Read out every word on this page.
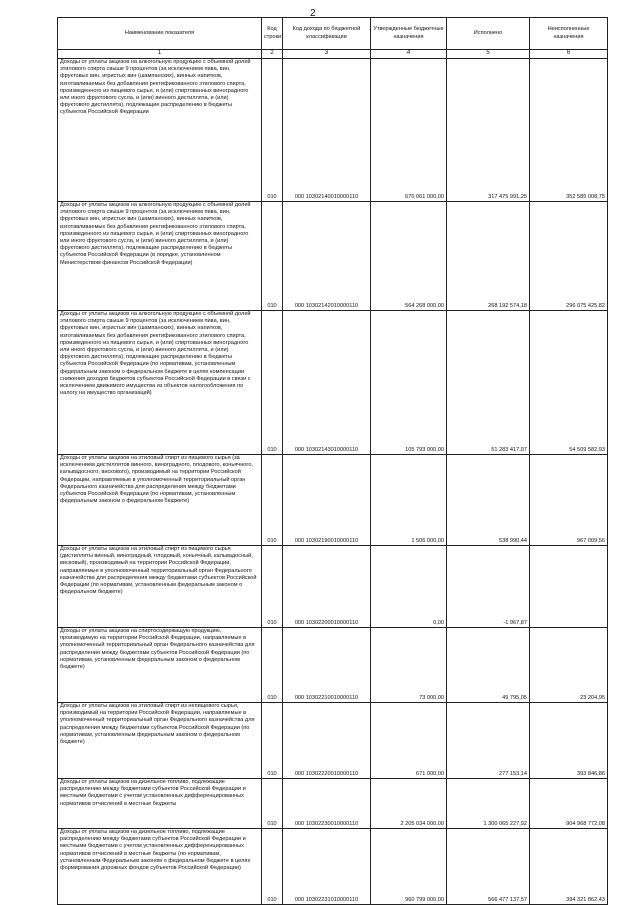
2
Наименование показателя	Код строки	Код дохода по бюджетной классификации	Утвержденные бюджетные назначения	Исполнено	Неисполненные назначения
1	2	3	4	5	6
Доходы от уплаты акцизов на алкогольную продукцию с объемной долей этилового спирта свыше 9 процентов (за исключением пива, вин, фруктовых вин, игристых вин (шампанских), винных напитков, изготавливаемых без добавления ректификованного этилового спирта, произведенного из пищевого сырья, и (или) спиртованных виноградного или иного фруктового сусла, и (или) винного дистиллята, и (или) фруктового дистиллята), подлежащие распределению в бюджеты субъектов Российской Федерации	010	000 10302140010000110	670 061 000,00	317 475 991,25	352 585 008,75
Доходы от уплаты акцизов на алкогольную продукцию с объемной долей этилового спирта свыше 9 процентов (за исключением пива, вин, фруктовых вин, игристых вин (шампанских), винных напитков, изготавливаемых без добавления ректификованного этилового спирта, произведенного из пищевого сырья, и (или) спиртованных виноградного или иного фруктового сусла, и (или) винного дистиллята, и (или) фруктового дистиллята), подлежащие распределению в бюджеты субъектов Российской Федерации (в порядке, установленном Министерством финансов Российской Федерации)	010	000 10302142010000110	564 268 000,00	268 192 574,18	296 075 425,82
Доходы от уплаты акцизов на алкогольную продукцию с объемной долей этилового спирта свыше 9 процентов (за исключением пива, вин, фруктовых вин, игристых вин (шампанских), винных напитков, изготавливаемых без добавления ректификованного этилового спирта, произведенного из пищевого сырья, и (или) спиртованных виноградного или иного фруктового сусла, и (или) винного дистиллята, и (или) фруктового дистиллята), подлежащие распределению в бюджеты субъектов Российской Федерации (по нормативам, установленным федеральным законом о федеральном бюджете в целях компенсации снижения доходов бюджетов субъектов Российской Федерации в связи с исключением движимого имущества из объектов налогообложения по налогу на имущество организаций)	010	000 10302143010000110	105 793 000,00	51 283 417,07	54 509 582,93
Доходы от уплаты акцизов на этиловый спирт из пищевого сырья (за исключением дистиллятов винного, виноградного, плодового, коньячного, кальвадосного, вискового), производимый на территории Российской Федерации, направляемые в уполномоченный территориальный орган Федерального казначейства для распределения между бюджетами субъектов Российской Федерации (по нормативам, установленным федеральным законом о федеральном бюджете)	010	000 10302190010000110	1 506 000,00	538 990,44	967 009,56
Доходы от уплаты акцизов на этиловый спирт из пищевого сырья (дистилляты винный, виноградный, плодовый, коньячный, кальвадосный, висковый), производимый на территории Российской Федерации, направляемые в уполномоченный территориальный орган Федерального казначейства для распределения между бюджетами субъектов Российской Федерации (по нормативам, установленным федеральным законом о федеральном бюджете)	010	000 10302200010000110	0,00	-1 967,87	
Доходы от уплаты акцизов на спиртосодержащую продукцию, производимую на территории Российской Федерации, направляемые в уполномоченный территориальный орган Федерального казначейства для распределения между бюджетами субъектов Российской Федерации (по нормативам, установленным федеральным законом о федеральном бюджете)	010	000 10302210010000110	73 000,00	49 795,05	23 204,95
Доходы от уплаты акцизов на этиловый спирт из непищевого сырья, производимый на территории Российской Федерации, направляемые в уполномоченный территориальный орган Федерального казначейства для распределения между бюджетами субъектов Российской Федерации (по нормативам, установленным федеральным законом о федеральном бюджете)	010	000 10302220010000110	671 000,00	277 153,14	393 846,86
Доходы от уплаты акцизов на дизельное топливо, подлежащие распределению между бюджетами субъектов Российской Федерации и местными бюджетами с учетом установленных дифференцированных нормативов отчислений в местные бюджеты	010	000 10302230010000110	2 205 034 000,00	1 300 065 227,92	904 968 772,08
Доходы от уплаты акцизов на дизельное топливо, подлежащие распределению между бюджетами субъектов Российской Федерации и местными бюджетами с учетом установленных дифференцированных нормативов отчислений в местные бюджеты (по нормативам, установленным Федеральным законом о федеральном бюджете в целях формирования дорожных фондов субъектов Российской Федерации)	010	000 10302231010000110	960 799 000,00	566 477 137,57	394 321 862,43
